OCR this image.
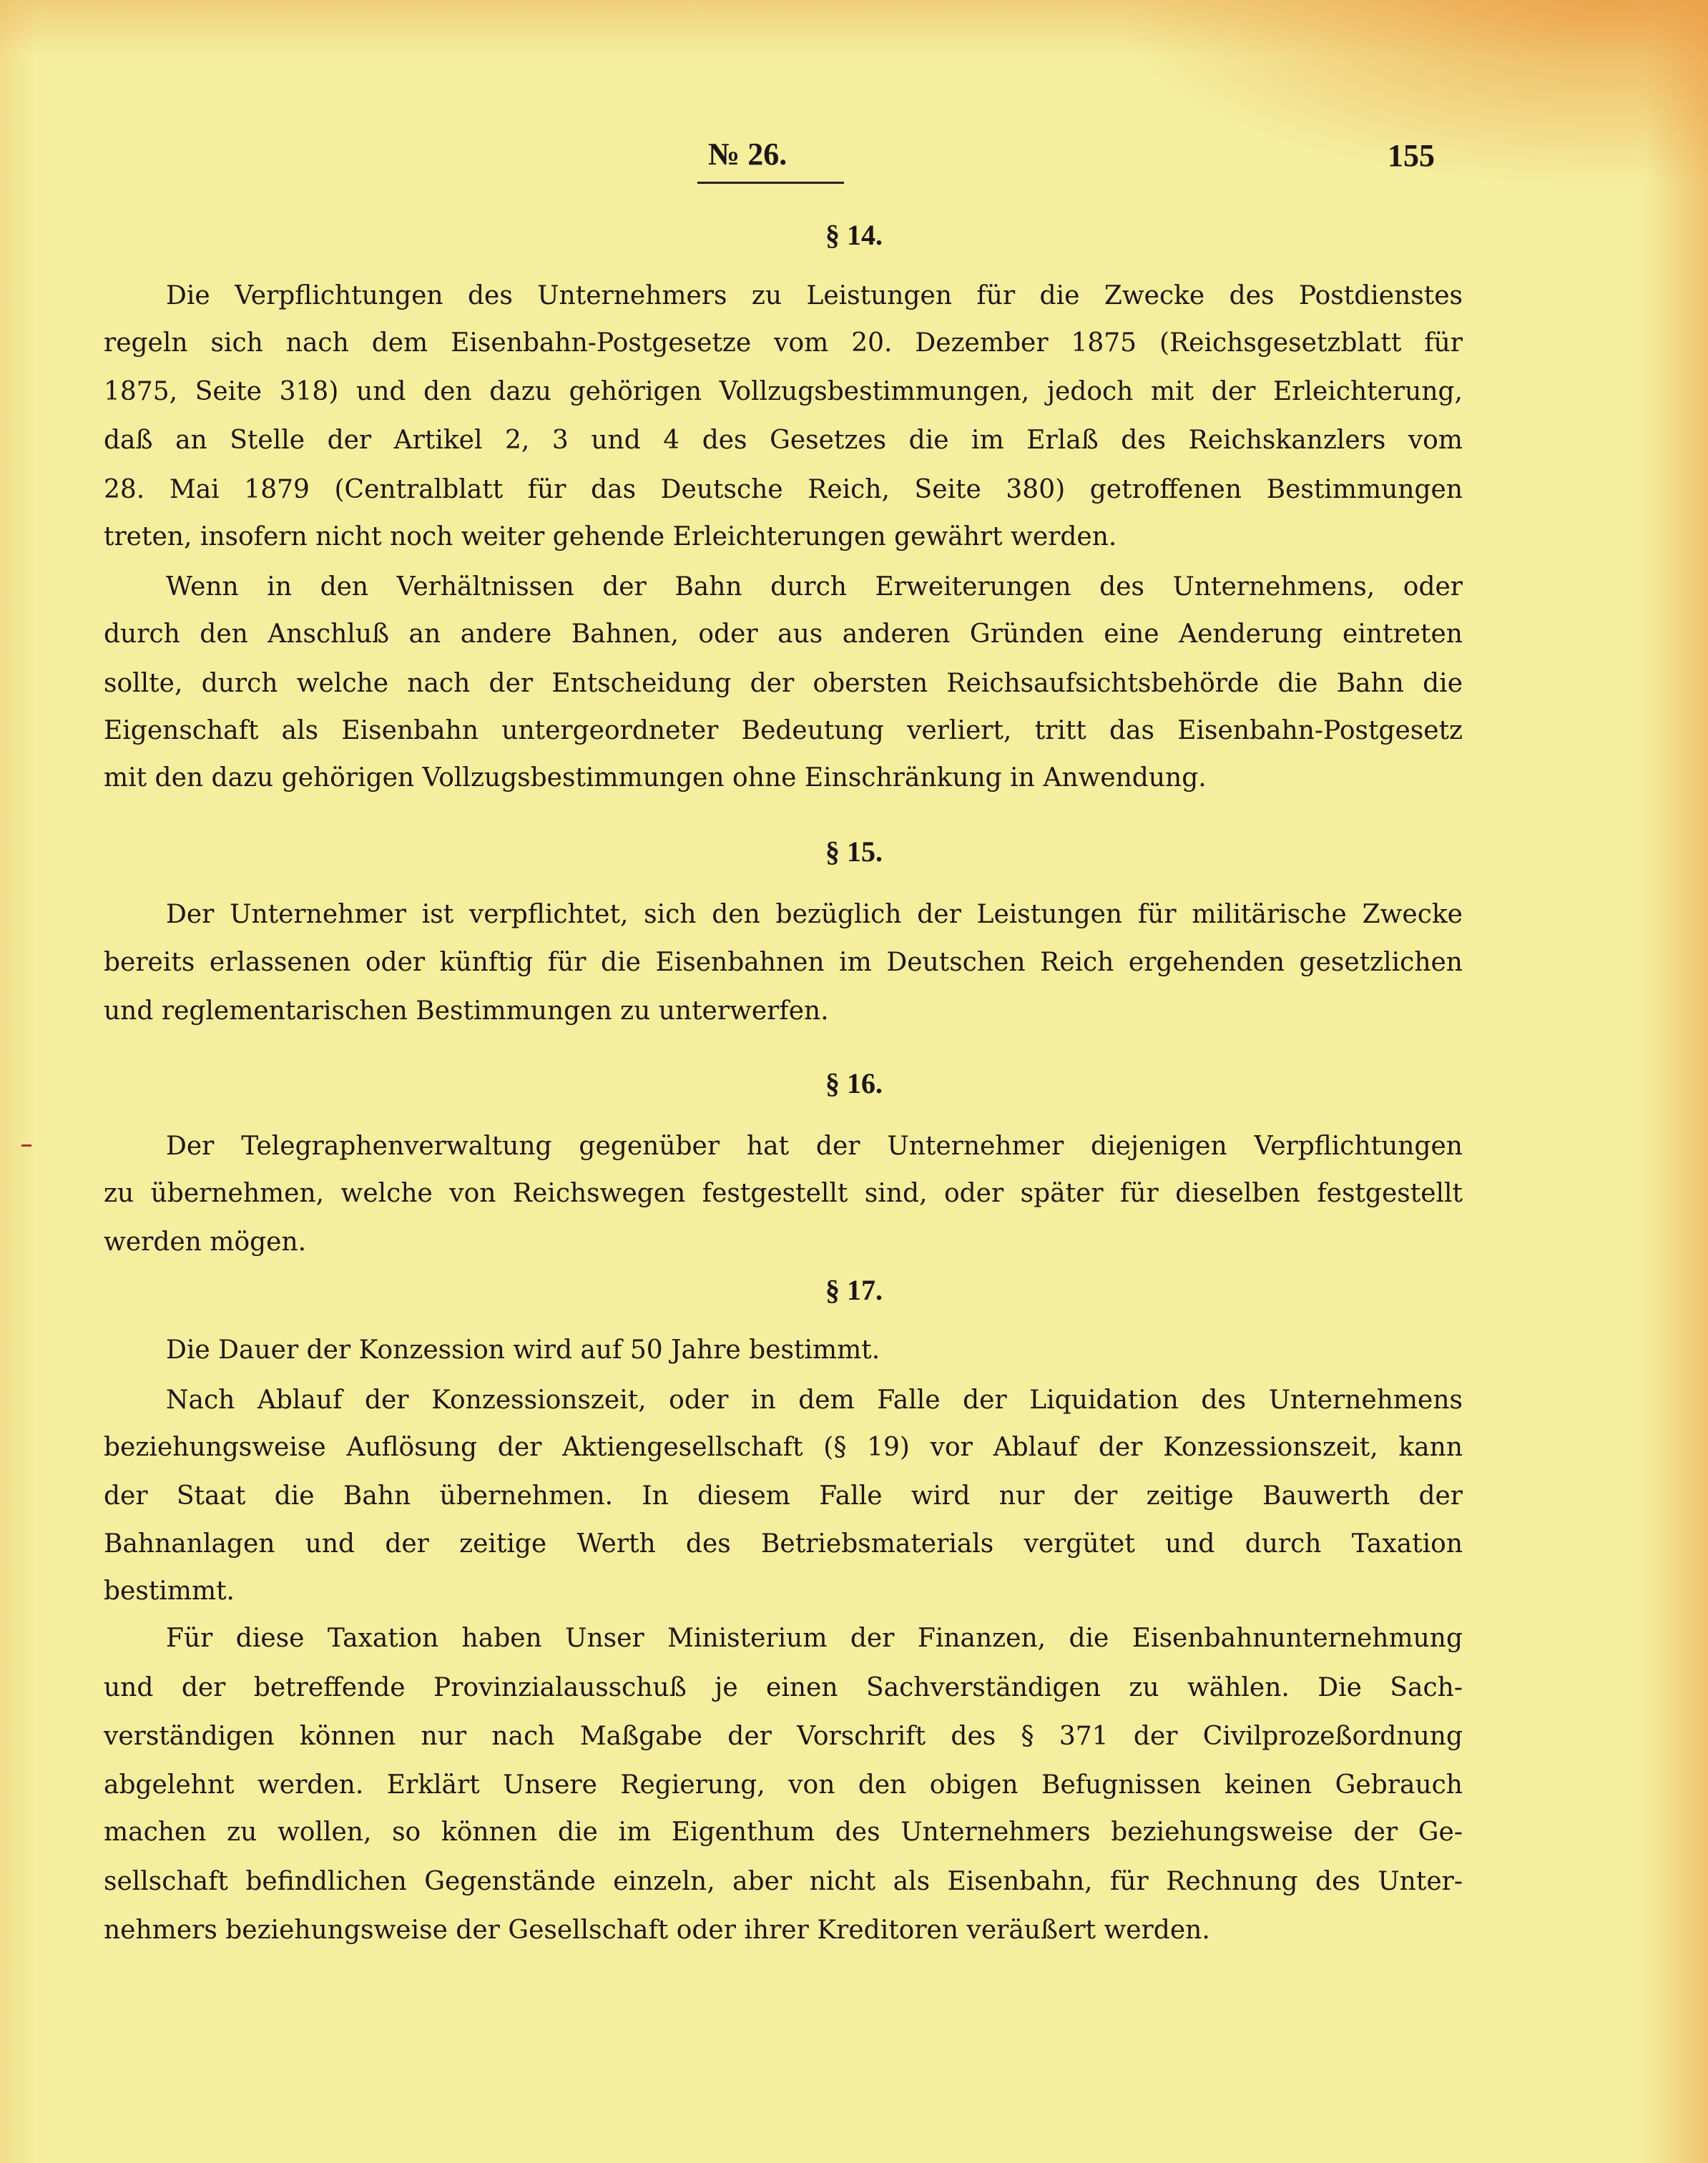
№ 26.	155
§ 14.
Die Verpflichtungen des Unternehmers zu Leistungen für die Zwecke des Postdienstes
regeln sich nach dem Eisenbahn-Postgesetze vom 20. Dezember 1875 (Reichsgesetzblatt für
1875, Seite 318) und den dazu gehörigen Vollzugsbestimmungen, jedoch mit der Erleichterung,
daß an Stelle der Artikel 2, 3 und 4 des Gesetzes die im Erlaß des Reichskanzlers vom
28. Mai 1879 (Centralblatt für das Deutsche Reich, Seite 380) getroffenen Bestimmungen
treten, insofern nicht noch weiter gehende Erleichterungen gewährt werden.
Wenn in den Verhältnissen der Bahn durch Erweiterungen des Unternehmens, oder
durch den Anschluß an andere Bahnen, oder aus anderen Gründen eine Aenderung eintreten
sollte, durch welche nach der Entscheidung der obersten Reichsaufsichtsbehörde die Bahn die
Eigenschaft als Eisenbahn untergeordneter Bedeutung verliert, tritt das Eisenbahn-Postgesetz
mit den dazu gehörigen Vollzugsbestimmungen ohne Einschränkung in Anwendung.
§ 15.
Der Unternehmer ist verpflichtet, sich den bezüglich der Leistungen für militärische Zwecke
bereits erlassenen oder künftig für die Eisenbahnen im Deutschen Reich ergehenden gesetzlichen
und reglementarischen Bestimmungen zu unterwerfen.
§ 16.
Der Telegraphenverwaltung gegenüber hat der Unternehmer diejenigen Verpflichtungen
zu übernehmen, welche von Reichswegen festgestellt sind, oder später für dieselben festgestellt
werden mögen.
§ 17.
Die Dauer der Konzession wird auf 50 Jahre bestimmt.
Nach Ablauf der Konzessionszeit, oder in dem Falle der Liquidation des Unternehmens
beziehungsweise Auflösung der Aktiengesellschaft (§ 19) vor Ablauf der Konzessionszeit, kann
der Staat die Bahn übernehmen. In diesem Falle wird nur der zeitige Bauwerth der
Bahnanlagen und der zeitige Werth des Betriebsmaterials vergütet und durch Taxation
bestimmt.
Für diese Taxation haben Unser Ministerium der Finanzen, die Eisenbahnunternehmung
und der betreffende Provinzialausschuß je einen Sachverständigen zu wählen. Die Sach-
verständigen können nur nach Maßgabe der Vorschrift des § 371 der Civilprozeßordnung
abgelehnt werden. Erklärt Unsere Regierung, von den obigen Befugnissen keinen Gebrauch
machen zu wollen, so können die im Eigenthum des Unternehmers beziehungsweise der Ge-
sellschaft befindlichen Gegenstände einzeln, aber nicht als Eisenbahn, für Rechnung des Unter-
nehmers beziehungsweise der Gesellschaft oder ihrer Kreditoren veräußert werden.
